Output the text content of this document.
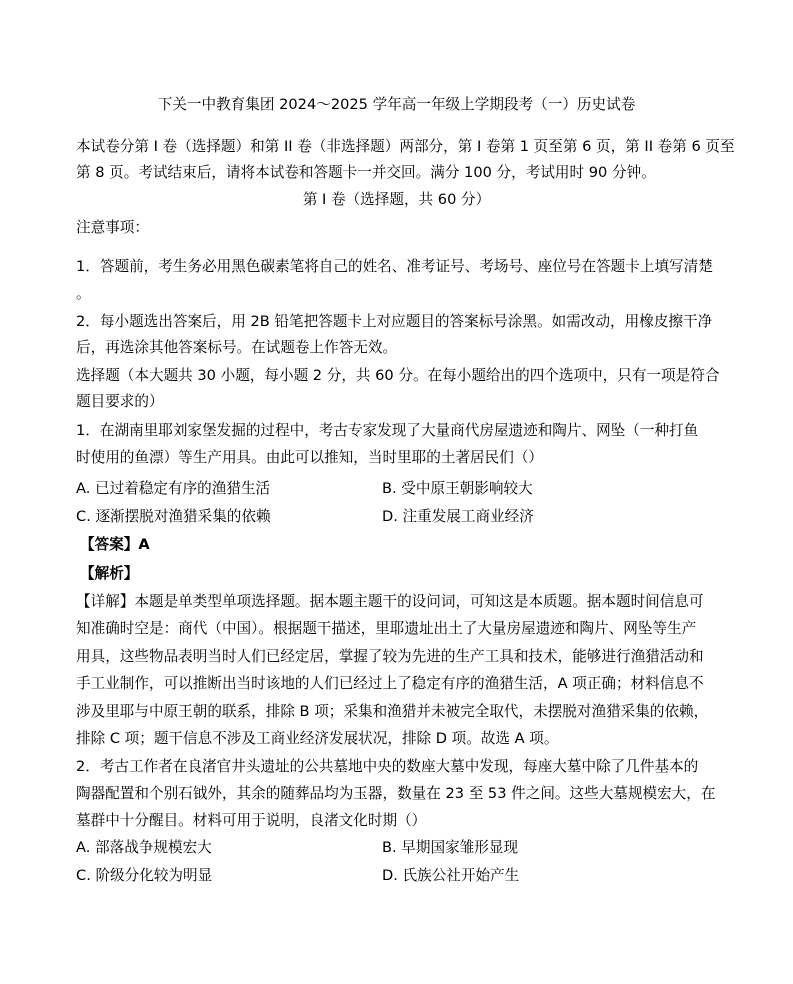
下关一中教育集团 2024～2025 学年高一年级上学期段考（一）历史试卷
本试卷分第 I 卷（选择题）和第 II 卷（非选择题）两部分，第 I 卷第 1 页至第 6 页，第 II 卷第 6 页至
第 8 页。考试结束后，请将本试卷和答题卡一并交回。满分 100 分，考试用时 90 分钟。
第 I 卷（选择题，共 60 分）
注意事项：
1．答题前，考生务必用黑色碳素笔将自己的姓名、准考证号、考场号、座位号在答题卡上填写清楚
。
2．每小题选出答案后，用 2B 铅笔把答题卡上对应题目的答案标号涂黑。如需改动，用橡皮擦干净
后，再选涂其他答案标号。在试题卷上作答无效。
选择题（本大题共 30 小题，每小题 2 分，共 60 分。在每小题给出的四个选项中，只有一项是符合
题目要求的）
1．在湖南里耶刘家堡发掘的过程中，考古专家发现了大量商代房屋遗迹和陶片、网坠（一种打鱼
时使用的鱼漂）等生产用具。由此可以推知，当时里耶的土著居民们（）
A. 已过着稳定有序的渔猎生活	B. 受中原王朝影响较大
C. 逐渐摆脱对渔猎采集的依赖	D. 注重发展工商业经济
【答案】A
【解析】
【详解】本题是单类型单项选择题。据本题主题干的设问词，可知这是本质题。据本题时间信息可
知准确时空是：商代（中国）。根据题干描述，里耶遗址出土了大量房屋遗迹和陶片、网坠等生产
用具，这些物品表明当时人们已经定居，掌握了较为先进的生产工具和技术，能够进行渔猎活动和
手工业制作，可以推断出当时该地的人们已经过上了稳定有序的渔猎生活，A 项正确；材料信息不
涉及里耶与中原王朝的联系，排除 B 项；采集和渔猎并未被完全取代，未摆脱对渔猎采集的依赖，
排除 C 项；题干信息不涉及工商业经济发展状况，排除 D 项。故选 A 项。
2．考古工作者在良渚官井头遗址的公共墓地中央的数座大墓中发现，每座大墓中除了几件基本的
陶器配置和个别石钺外，其余的随葬品均为玉器，数量在 23 至 53 件之间。这些大墓规模宏大，在
墓群中十分醒目。材料可用于说明，良渚文化时期（）
A. 部落战争规模宏大	B. 早期国家雏形显现
C. 阶级分化较为明显	D. 氏族公社开始产生
